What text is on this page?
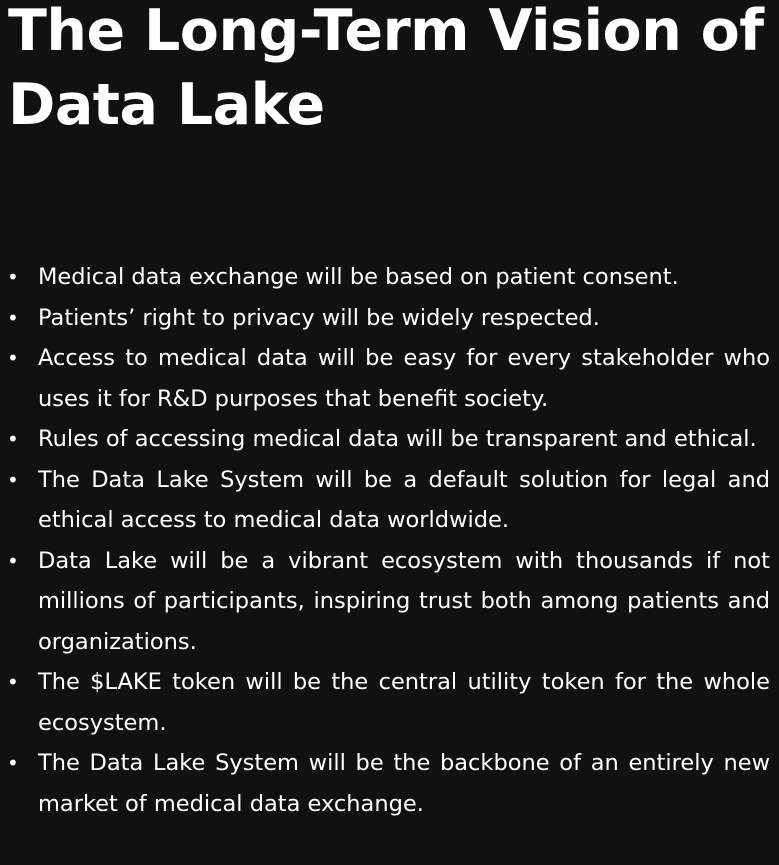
The Long-Term Vision of Data Lake
• Medical data exchange will be based on patient consent.
• Patients’ right to privacy will be widely respected.
• Access to medical data will be easy for every stakeholder who uses it for R&D purposes that benefit society.
• Rules of accessing medical data will be transparent and ethical.
• The Data Lake System will be a default solution for legal and ethical access to medical data worldwide.
• Data Lake will be a vibrant ecosystem with thousands if not millions of participants, inspiring trust both among patients and organizations.
• The $LAKE token will be the central utility token for the whole ecosystem.
• The Data Lake System will be the backbone of an entirely new market of medical data exchange.
